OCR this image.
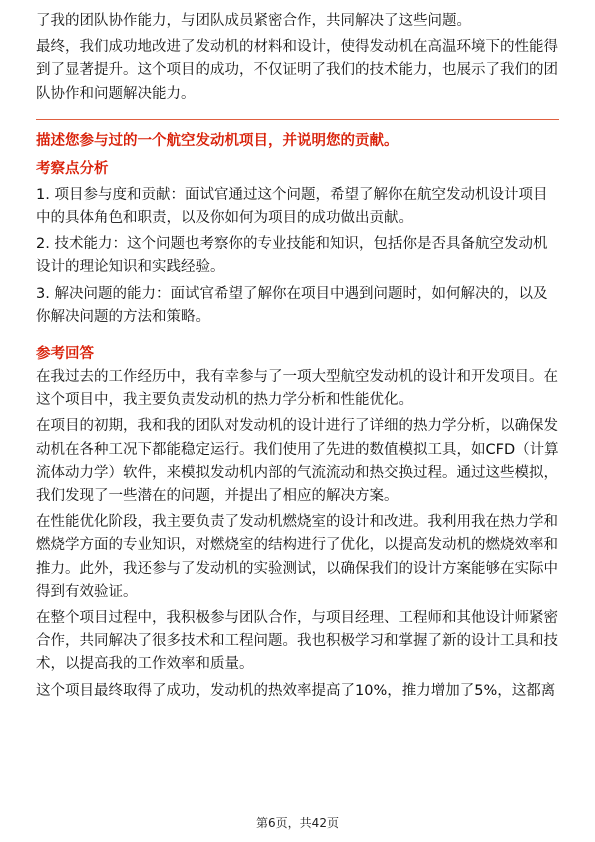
了我的团队协作能力，与团队成员紧密合作，共同解决了这些问题。

最终，我们成功地改进了发动机的材料和设计，使得发动机在高温环境下的性能得到了显著提升。这个项目的成功，不仅证明了我们的技术能力，也展示了我们的团队协作和问题解决能力。

描述您参与过的一个航空发动机项目，并说明您的贡献。
考察点分析

1. 项目参与度和贡献：面试官通过这个问题，希望了解你在航空发动机设计项目中的具体角色和职责，以及你如何为项目的成功做出贡献。

2. 技术能力：这个问题也考察你的专业技能和知识，包括你是否具备航空发动机设计的理论知识和实践经验。

3. 解决问题的能力：面试官希望了解你在项目中遇到问题时，如何解决的，以及你解决问题的方法和策略。

参考回答

在我过去的工作经历中，我有幸参与了一项大型航空发动机的设计和开发项目。在这个项目中，我主要负责发动机的热力学分析和性能优化。

在项目的初期，我和我的团队对发动机的设计进行了详细的热力学分析，以确保发动机在各种工况下都能稳定运行。我们使用了先进的数值模拟工具，如CFD（计算流体动力学）软件，来模拟发动机内部的气流流动和热交换过程。通过这些模拟，我们发现了一些潜在的问题，并提出了相应的解决方案。

在性能优化阶段，我主要负责了发动机燃烧室的设计和改进。我利用我在热力学和燃烧学方面的专业知识，对燃烧室的结构进行了优化，以提高发动机的燃烧效率和推力。此外，我还参与了发动机的实验测试，以确保我们的设计方案能够在实际中得到有效验证。

在整个项目过程中，我积极参与团队合作，与项目经理、工程师和其他设计师紧密合作，共同解决了很多技术和工程问题。我也积极学习和掌握了新的设计工具和技术，以提高我的工作效率和质量。

这个项目最终取得了成功，发动机的热效率提高了10%，推力增加了5%，这都离

第6页，共42页
